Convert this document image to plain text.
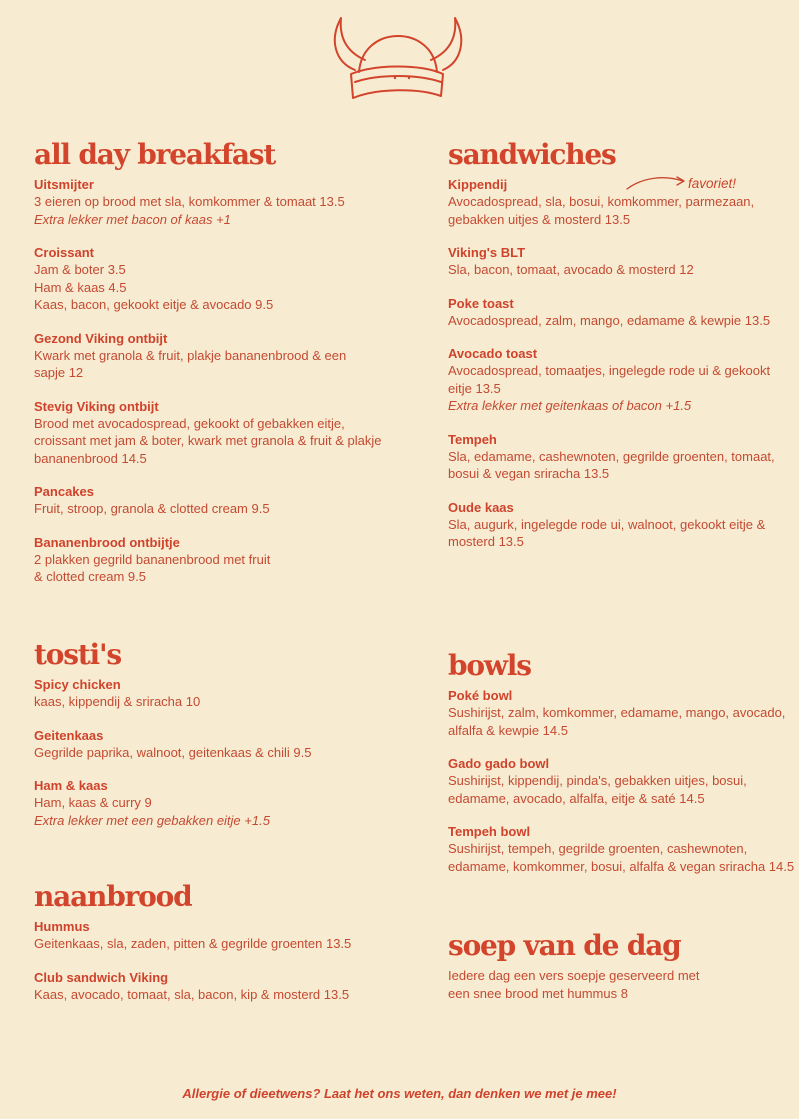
favoriet!
all day breakfast
Uitsmijter
3 eieren op brood met sla, komkommer & tomaat 13.5
Extra lekker met bacon of kaas +1
Croissant
Jam & boter 3.5
Ham & kaas 4.5
Kaas, bacon, gekookt eitje & avocado 9.5
Gezond Viking ontbijt
Kwark met granola & fruit, plakje bananenbrood & een
sapje 12
Stevig Viking ontbijt
Brood met avocadospread, gekookt of gebakken eitje,
croissant met jam & boter, kwark met granola & fruit & plakje
bananenbrood 14.5
Pancakes
Fruit, stroop, granola & clotted cream 9.5
Bananenbrood ontbijtje
2 plakken gegrild bananenbrood met fruit
& clotted cream 9.5
tosti's
Spicy chicken
kaas, kippendij & sriracha 10
Geitenkaas
Gegrilde paprika, walnoot, geitenkaas & chili 9.5
Ham & kaas
Ham, kaas & curry 9
Extra lekker met een gebakken eitje +1.5
naanbrood
Hummus
Geitenkaas, sla, zaden, pitten & gegrilde groenten 13.5
Club sandwich Viking
Kaas, avocado, tomaat, sla, bacon, kip & mosterd 13.5
sandwiches
Kippendij
Avocadospread, sla, bosui, komkommer, parmezaan,
gebakken uitjes & mosterd 13.5
Viking's BLT
Sla, bacon, tomaat, avocado & mosterd 12
Poke toast
Avocadospread, zalm, mango, edamame & kewpie 13.5
Avocado toast
Avocadospread, tomaatjes, ingelegde rode ui & gekookt
eitje 13.5
Extra lekker met geitenkaas of bacon +1.5
Tempeh
Sla, edamame, cashewnoten, gegrilde groenten, tomaat,
bosui & vegan sriracha 13.5
Oude kaas
Sla, augurk, ingelegde rode ui, walnoot, gekookt eitje &
mosterd 13.5
bowls
Poké bowl
Sushirijst, zalm, komkommer, edamame, mango, avocado,
alfalfa & kewpie 14.5
Gado gado bowl
Sushirijst, kippendij, pinda's, gebakken uitjes, bosui,
edamame, avocado, alfalfa, eitje & saté 14.5
Tempeh bowl
Sushirijst, tempeh, gegrilde groenten, cashewnoten,
edamame, komkommer, bosui, alfalfa & vegan sriracha 14.5
soep van de dag
Iedere dag een vers soepje geserveerd met
een snee brood met hummus 8
Allergie of dieetwens? Laat het ons weten, dan denken we met je mee!
